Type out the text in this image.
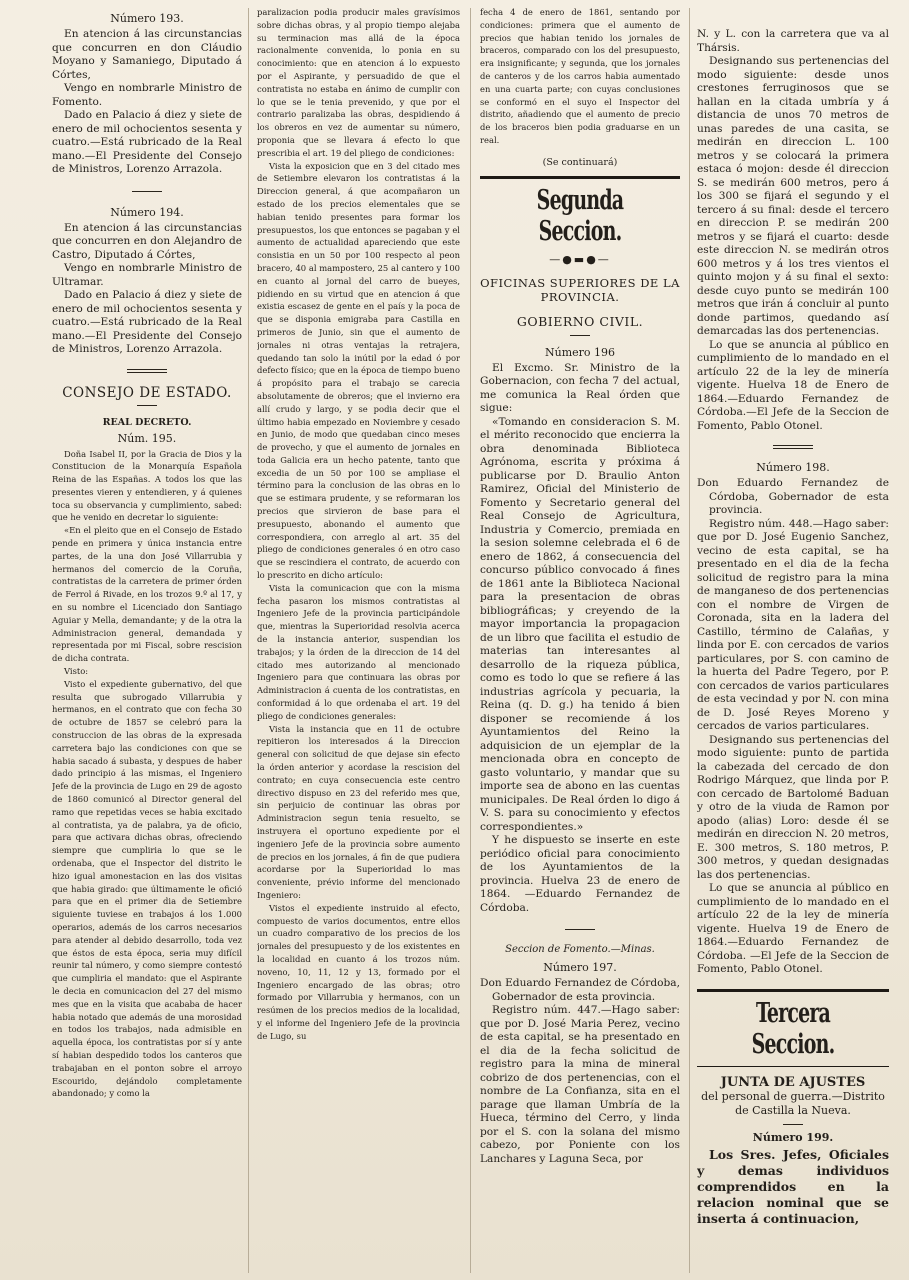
Número 193.

En atencion á las circunstancias que concurren en don Cláudio Moyano y Samaniego, Diputado á Córtes,

Vengo en nombrarle Ministro de Fomento.

Dado en Palacio á diez y siete de enero de mil ochocientos sesenta y cuatro.—Está rubricado de la Real mano.—El Presidente del Consejo de Ministros, Lorenzo Arrazola.

Número 194.

En atencion á las circunstancias que concurren en don Alejandro de Castro, Diputado á Córtes,

Vengo en nombrarle Ministro de Ultramar.

Dado en Palacio á diez y siete de enero de mil ochocientos sesenta y cuatro.—Está rubricado de la Real mano.—El Presidente del Consejo de Ministros, Lorenzo Arrazola.

CONSEJO DE ESTADO.
REAL DECRETO.
Núm. 195.

Doña Isabel II, por la Gracia de Dios y la Constitucion de la Monarquía Española Reina de las Españas. A todos los que las presentes vieren y entendieren, y á quienes toca su observancia y cumplimiento, sabed: que he venido en decretar lo siguiente:

«En el pleito que en el Consejo de Estado pende en primera y única instancia entre partes, de la una don José Villarrubia y hermanos del comercio de la Coruña, contratistas de la carretera de primer órden de Ferrol á Rivade, en los trozos 9.º al 17, y en su nombre el Licenciado don Santiago Aguiar y Mella, demandante; y de la otra la Administracion general, demandada y representada por mi Fiscal, sobre rescision de dicha contrata.

Visto:

Visto el expediente gubernativo, del que resulta que subrogado Villarrubia y hermanos, en el contrato que con fecha 30 de octubre de 1857 se celebró para la construccion de las obras de la expresada carretera bajo las condiciones con que se habia sacado á subasta, y despues de haber dado principio á las mismas, el Ingeniero Jefe de la provincia de Lugo en 29 de agosto de 1860 comunicó al Director general del ramo que repetidas veces se habia excitado al contratista, ya de palabra, ya de oficio, para que activara dichas obras, ofreciendo siempre que cumpliria lo que se le ordenaba, que el Inspector del distrito le hizo igual amonestacion en las dos visitas que habia girado: que últimamente le ofició para que en el primer dia de Setiembre siguiente tuviese en trabajos á los 1.000 operarios, además de los carros necesarios para atender al debido desarrollo, toda vez que éstos de esta época, seria muy difícil reunir tal número, y como siempre contestó que cumpliria el mandato: que el Aspirante le decia en comunicacion del 27 del mismo mes que en la visita que acababa de hacer habia notado que además de una morosidad en todos los trabajos, nada admisible en aquella época, los contratistas por sí y ante sí habian despedido todos los canteros que trabajaban en el ponton sobre el arroyo Escourido, dejándolo completamente abandonado; y como la

paralizacion podia producir males gravísimos sobre dichas obras, y al propio tiempo alejaba su terminacion mas allá de la época racionalmente convenida, lo ponia en su conocimiento: que en atencion á lo expuesto por el Aspirante, y persuadido de que el contratista no estaba en ánimo de cumplir con lo que se le tenia prevenido, y que por el contrario paralizaba las obras, despidiendo á los obreros en vez de aumentar su número, proponia que se llevara á efecto lo que prescribia el art. 19 del pliego de condiciones:

Vista la exposicion que en 3 del citado mes de Setiembre elevaron los contratistas á la Direccion general, á que acompañaron un estado de los precios elementales que se habian tenido presentes para formar los presupuestos, los que entonces se pagaban y el aumento de actualidad apareciendo que este consistia en un 50 por 100 respecto al peon bracero, 40 al mampostero, 25 al cantero y 100 en cuanto al jornal del carro de bueyes, pidiendo en su virtud que en atencion á que existia escasez de gente en el país y la poca de que se disponia emigraba para Castilla en primeros de Junio, sin que el aumento de jornales ni otras ventajas la retrajera, quedando tan solo la inútil por la edad ó por defecto físico; que en la época de tiempo bueno á propósito para el trabajo se carecia absolutamente de obreros; que el invierno era allí crudo y largo, y se podia decir que el último habia empezado en Noviembre y cesado en Junio, de modo que quedaban cinco meses de provecho, y que el aumento de jornales en toda Galicia era un hecho patente, tanto que excedia de un 50 por 100 se ampliase el término para la conclusion de las obras en lo que se estimara prudente, y se reformaran los precios que sirvieron de base para el presupuesto, abonando el aumento que correspondiera, con arreglo al art. 35 del pliego de condiciones generales ó en otro caso que se rescindiera el contrato, de acuerdo con lo prescrito en dicho artículo:

Vista la comunicacion que con la misma fecha pasaron los mismos contratistas al Ingeniero Jefe de la provincia participándole que, mientras la Superioridad resolvia acerca de la instancia anterior, suspendian los trabajos; y la órden de la direccion de 14 del citado mes autorizando al mencionado Ingeniero para que continuara las obras por Administracion á cuenta de los contratistas, en conformidad á lo que ordenaba el art. 19 del pliego de condiciones generales:

Vista la instancia que en 11 de octubre repitieron los interesados á la Direccion general con solicitud de que dejase sin efecto la órden anterior y acordase la rescision del contrato; en cuya consecuencia este centro directivo dispuso en 23 del referido mes que, sin perjuicio de continuar las obras por Administracion segun tenia resuelto, se instruyera el oportuno expediente por el ingeniero Jefe de la provincia sobre aumento de precios en los jornales, á fin de que pudiera acordarse por la Superioridad lo mas conveniente, prévio informe del mencionado Ingeniero:

Vistos el expediente instruido al efecto, compuesto de varios documentos, entre ellos un cuadro comparativo de los precios de los jornales del presupuesto y de los existentes en la localidad en cuanto á los trozos núm. noveno, 10, 11, 12 y 13, formado por el Ingeniero encargado de las obras; otro formado por Villarrubia y hermanos, con un resúmen de los precios medios de la localidad, y el informe del Ingeniero Jefe de la provincia de Lugo, su

fecha 4 de enero de 1861, sentando por condiciones: primera que el aumento de precios que habian tenido los jornales de braceros, comparado con los del presupuesto, era insignificante; y segunda, que los jornales de canteros y de los carros habia aumentado en una cuarta parte; con cuyas conclusiones se conformó en el suyo el Inspector del distrito, añadiendo que el aumento de precio de los braceros bien podia graduarse en un real.

(Se continuará)
Segunda Seccion.
—●▬●—
OFICINAS SUPERIORES DE LA PROVINCIA.
GOBIERNO CIVIL.
Número 196

El Excmo. Sr. Ministro de la Gobernacion, con fecha 7 del actual, me comunica la Real órden que sigue:

«Tomando en consideracion S. M. el mérito reconocido que encierra la obra denominada Biblioteca Agrónoma, escrita y próxima á publicarse por D. Braulio Anton Ramirez, Oficial del Ministerio de Fomento y Secretario general del Real Consejo de Agricultura, Industria y Comercio, premiada en la sesion solemne celebrada el 6 de enero de 1862, á consecuencia del concurso público convocado á fines de 1861 ante la Biblioteca Nacional para la presentacion de obras bibliográficas; y creyendo de la mayor importancia la propagacion de un libro que facilita el estudio de materias tan interesantes al desarrollo de la riqueza pública, como es todo lo que se refiere á las industrias agrícola y pecuaria, la Reina (q. D. g.) ha tenido á bien disponer se recomiende á los Ayuntamientos del Reino la adquisicion de un ejemplar de la mencionada obra en concepto de gasto voluntario, y mandar que su importe sea de abono en las cuentas municipales. De Real órden lo digo á V. S. para su conocimiento y efectos correspondientes.»

Y he dispuesto se inserte en este periódico oficial para conocimiento de los Ayuntamientos de la provincia. Huelva 23 de enero de 1864. —Eduardo Fernandez de Córdoba.

Seccion de Fomento.—Minas.
Número 197.

Don Eduardo Fernandez de Córdoba, Gobernador de esta provincia.

Registro núm. 447.—Hago saber: que por D. José Maria Perez, vecino de esta capital, se ha presentado en el dia de la fecha solicitud de registro para la mina de mineral cobrizo de dos pertenencias, con el nombre de La Confianza, sita en el parage que llaman Umbría de la Hueca, término del Cerro, y linda por el S. con la solana del mismo cabezo, por Poniente con los Lanchares y Laguna Seca, por

N. y L. con la carretera que va al Thársis.

Designando sus pertenencias del modo siguiente: desde unos crestones ferruginosos que se hallan en la citada umbría y á distancia de unos 70 metros de unas paredes de una casita, se medirán en direccion L. 100 metros y se colocará la primera estaca ó mojon: desde él direccion S. se medirán 600 metros, pero á los 300 se fijará el segundo y el tercero á su final: desde el tercero en direccion P. se medirán 200 metros y se fijará el cuarto: desde este direccion N. se medirán otros 600 metros y á los tres vientos el quinto mojon y á su final el sexto: desde cuyo punto se medirán 100 metros que irán á concluir al punto donde partimos, quedando así demarcadas las dos pertenencias.

Lo que se anuncia al público en cumplimiento de lo mandado en el artículo 22 de la ley de minería vigente. Huelva 18 de Enero de 1864.—Eduardo Fernandez de Córdoba.—El Jefe de la Seccion de Fomento, Pablo Otonel.

Número 198.

Don Eduardo Fernandez de Córdoba, Gobernador de esta provincia.

Registro núm. 448.—Hago saber: que por D. José Eugenio Sanchez, vecino de esta capital, se ha presentado en el dia de la fecha solicitud de registro para la mina de manganeso de dos pertenencias con el nombre de Virgen de Coronada, sita en la ladera del Castillo, término de Calañas, y linda por E. con cercados de varios particulares, por S. con camino de la huerta del Padre Tegero, por P. con cercados de varios particulares de esta vecindad y por N. con mina de D. José Reyes Moreno y cercados de varios particulares.

Designando sus pertenencias del modo siguiente: punto de partida la cabezada del cercado de don Rodrigo Márquez, que linda por P. con cercado de Bartolomé Baduan y otro de la viuda de Ramon por apodo (alias) Loro: desde él se medirán en direccion N. 20 metros, E. 300 metros, S. 180 metros, P. 300 metros, y quedan designadas las dos pertenencias.

Lo que se anuncia al público en cumplimiento de lo mandado en el artículo 22 de la ley de minería vigente. Huelva 19 de Enero de 1864.—Eduardo Fernandez de Córdoba. —El Jefe de la Seccion de Fomento, Pablo Otonel.

Tercera Seccion.
JUNTA DE AJUSTES
del personal de guerra.—Distrito de Castilla la Nueva.
Número 199.

Los Sres. Jefes, Oficiales y demas individuos comprendidos en la relacion nominal que se inserta á continuacion,
